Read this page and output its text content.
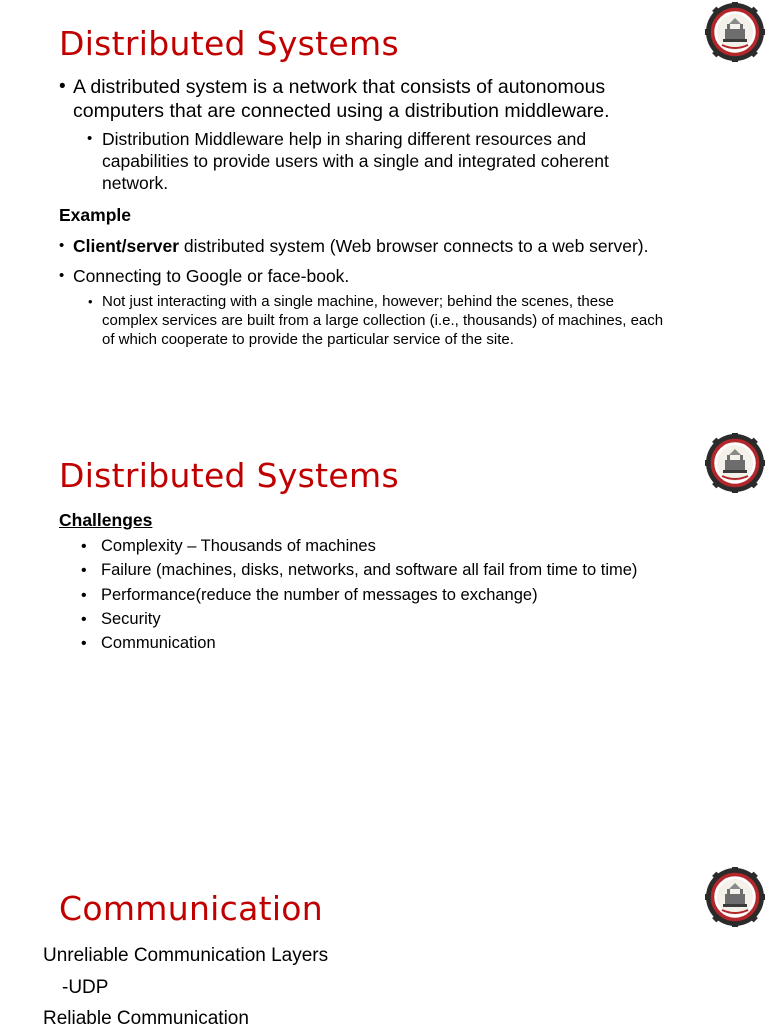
Distributed Systems
• A distributed system is a network that consists of autonomous
computers that are connected using a distribution middleware.
• Distribution Middleware help in sharing different resources and
capabilities to provide users with a single and integrated coherent
network.
Example
• Client/server distributed system (Web browser connects to a web server).
• Connecting to Google or face-book.
• Not just interacting with a single machine, however; behind the scenes, these
complex services are built from a large collection (i.e., thousands) of machines, each
of which cooperate to provide the particular service of the site.
Distributed Systems
Challenges
• Complexity – Thousands of machines
• Failure (machines, disks, networks, and software all fail from time to time)
• Performance(reduce the number of messages to exchange)
• Security
• Communication
Communication
Unreliable Communication Layers
-UDP
Reliable Communication
